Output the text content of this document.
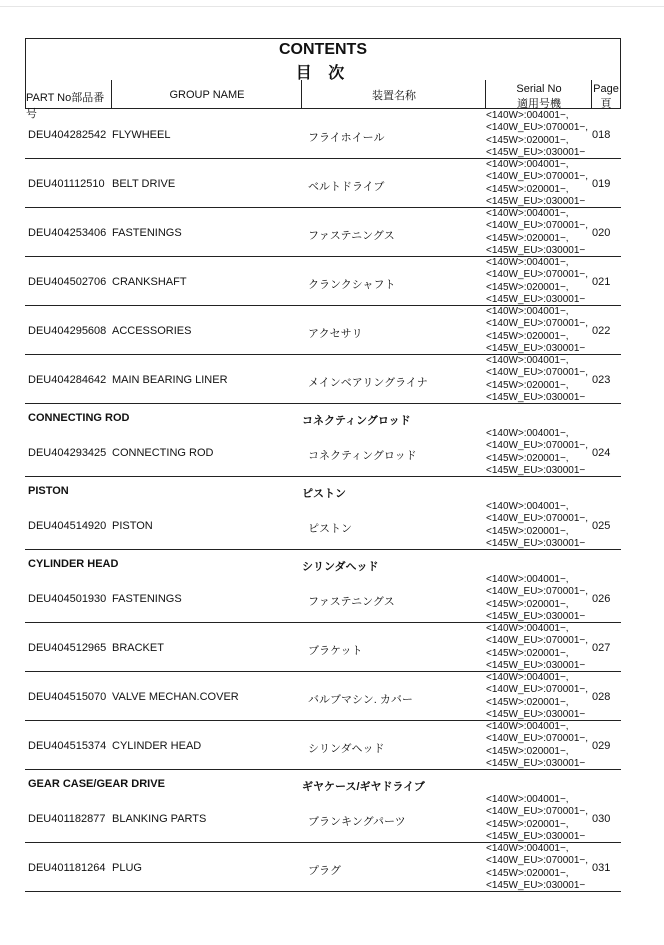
CONTENTS
目 次
PART No部品番号
GROUP NAME	装置名称
Serial No
適用号機
Page
頁
DEU404282542 FLYWHEEL	フライホイール
<140W>:004001−,
<140W_EU>:070001−,
<145W>:020001−,
<145W_EU>:030001−
018
DEU401112510 BELT DRIVE	ベルトドライブ
<140W>:004001−,
<140W_EU>:070001−,
<145W>:020001−,
<145W_EU>:030001−
019
DEU404253406 FASTENINGS	ファステニングス
<140W>:004001−,
<140W_EU>:070001−,
<145W>:020001−,
<145W_EU>:030001−
020
DEU404502706 CRANKSHAFT	クランクシャフト
<140W>:004001−,
<140W_EU>:070001−,
<145W>:020001−,
<145W_EU>:030001−
021
DEU404295608 ACCESSORIES	アクセサリ
<140W>:004001−,
<140W_EU>:070001−,
<145W>:020001−,
<145W_EU>:030001−
022
DEU404284642 MAIN BEARING LINER	メインベアリングライナ
<140W>:004001−,
<140W_EU>:070001−,
<145W>:020001−,
<145W_EU>:030001−
023
CONNECTING ROD	コネクティングロッド
DEU404293425 CONNECTING ROD	コネクティングロッド
<140W>:004001−,
<140W_EU>:070001−,
<145W>:020001−,
<145W_EU>:030001−
024
PISTON	ピストン
DEU404514920 PISTON	ピストン
<140W>:004001−,
<140W_EU>:070001−,
<145W>:020001−,
<145W_EU>:030001−
025
CYLINDER HEAD	シリンダヘッド
DEU404501930 FASTENINGS	ファステニングス
<140W>:004001−,
<140W_EU>:070001−,
<145W>:020001−,
<145W_EU>:030001−
026
DEU404512965 BRACKET	ブラケット
<140W>:004001−,
<140W_EU>:070001−,
<145W>:020001−,
<145W_EU>:030001−
027
DEU404515070 VALVE MECHAN.COVER	バルブマシン. カバー
<140W>:004001−,
<140W_EU>:070001−,
<145W>:020001−,
<145W_EU>:030001−
028
DEU404515374 CYLINDER HEAD	シリンダヘッド
<140W>:004001−,
<140W_EU>:070001−,
<145W>:020001−,
<145W_EU>:030001−
029
GEAR CASE/GEAR DRIVE	ギヤケース/ギヤドライブ
DEU401182877 BLANKING PARTS	ブランキングパーツ
<140W>:004001−,
<140W_EU>:070001−,
<145W>:020001−,
<145W_EU>:030001−
030
DEU401181264 PLUG	プラグ
<140W>:004001−,
<140W_EU>:070001−,
<145W>:020001−,
<145W_EU>:030001−
031
